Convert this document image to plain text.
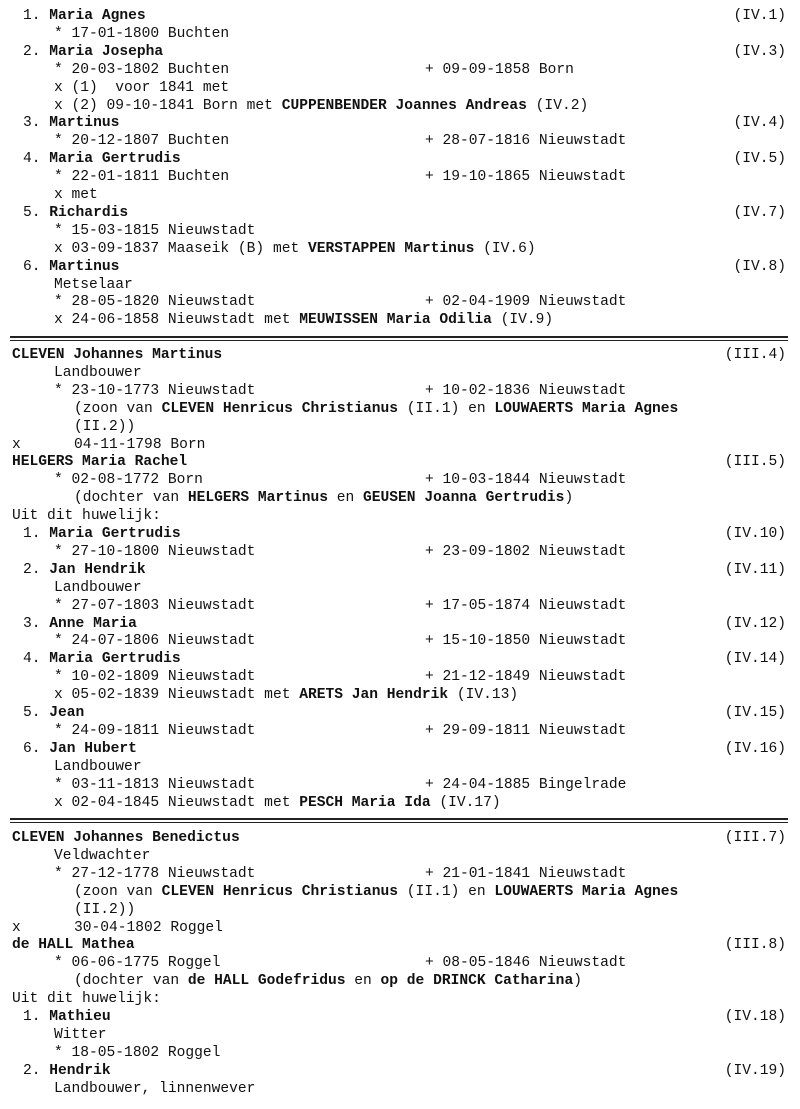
1. Maria Agnes	(IV.1)
* 17-01-1800 Buchten
2. Maria Josepha	(IV.3)
* 20-03-1802 Buchten	+ 09-09-1858 Born
x (1)  voor 1841 met
x (2) 09-10-1841 Born met CUPPENBENDER Joannes Andreas (IV.2)
3. Martinus	(IV.4)
* 20-12-1807 Buchten	+ 28-07-1816 Nieuwstadt
4. Maria Gertrudis	(IV.5)
* 22-01-1811 Buchten	+ 19-10-1865 Nieuwstadt
x met
5. Richardis	(IV.7)
* 15-03-1815 Nieuwstadt
x 03-09-1837 Maaseik (B) met VERSTAPPEN Martinus (IV.6)
6. Martinus	(IV.8)
Metselaar
* 28-05-1820 Nieuwstadt	+ 02-04-1909 Nieuwstadt
x 24-06-1858 Nieuwstadt met MEUWISSEN Maria Odilia (IV.9)
CLEVEN Johannes Martinus	(III.4)
Landbouwer
* 23-10-1773 Nieuwstadt	+ 10-02-1836 Nieuwstadt
(zoon van CLEVEN Henricus Christianus (II.1) en LOUWAERTS Maria Agnes
(II.2))
x	04-11-1798 Born
HELGERS Maria Rachel	(III.5)
* 02-08-1772 Born	+ 10-03-1844 Nieuwstadt
(dochter van HELGERS Martinus en GEUSEN Joanna Gertrudis )
Uit dit huwelijk:
1. Maria Gertrudis	(IV.10)
* 27-10-1800 Nieuwstadt	+ 23-09-1802 Nieuwstadt
2. Jan Hendrik	(IV.11)
Landbouwer
* 27-07-1803 Nieuwstadt	+ 17-05-1874 Nieuwstadt
3. Anne Maria	(IV.12)
* 24-07-1806 Nieuwstadt	+ 15-10-1850 Nieuwstadt
4. Maria Gertrudis	(IV.14)
* 10-02-1809 Nieuwstadt	+ 21-12-1849 Nieuwstadt
x 05-02-1839 Nieuwstadt met ARETS Jan Hendrik (IV.13)
5. Jean	(IV.15)
* 24-09-1811 Nieuwstadt	+ 29-09-1811 Nieuwstadt
6. Jan Hubert	(IV.16)
Landbouwer
* 03-11-1813 Nieuwstadt	+ 24-04-1885 Bingelrade
x 02-04-1845 Nieuwstadt met PESCH Maria Ida (IV.17)
CLEVEN Johannes Benedictus	(III.7)
Veldwachter
* 27-12-1778 Nieuwstadt	+ 21-01-1841 Nieuwstadt
(zoon van CLEVEN Henricus Christianus (II.1) en LOUWAERTS Maria Agnes
(II.2))
x	30-04-1802 Roggel
de HALL Mathea	(III.8)
* 06-06-1775 Roggel	+ 08-05-1846 Nieuwstadt
(dochter van de HALL Godefridus en op de DRINCK Catharina )
Uit dit huwelijk:
1. Mathieu	(IV.18)
Witter
* 18-05-1802 Roggel
2. Hendrik	(IV.19)
Landbouwer, linnenwever
